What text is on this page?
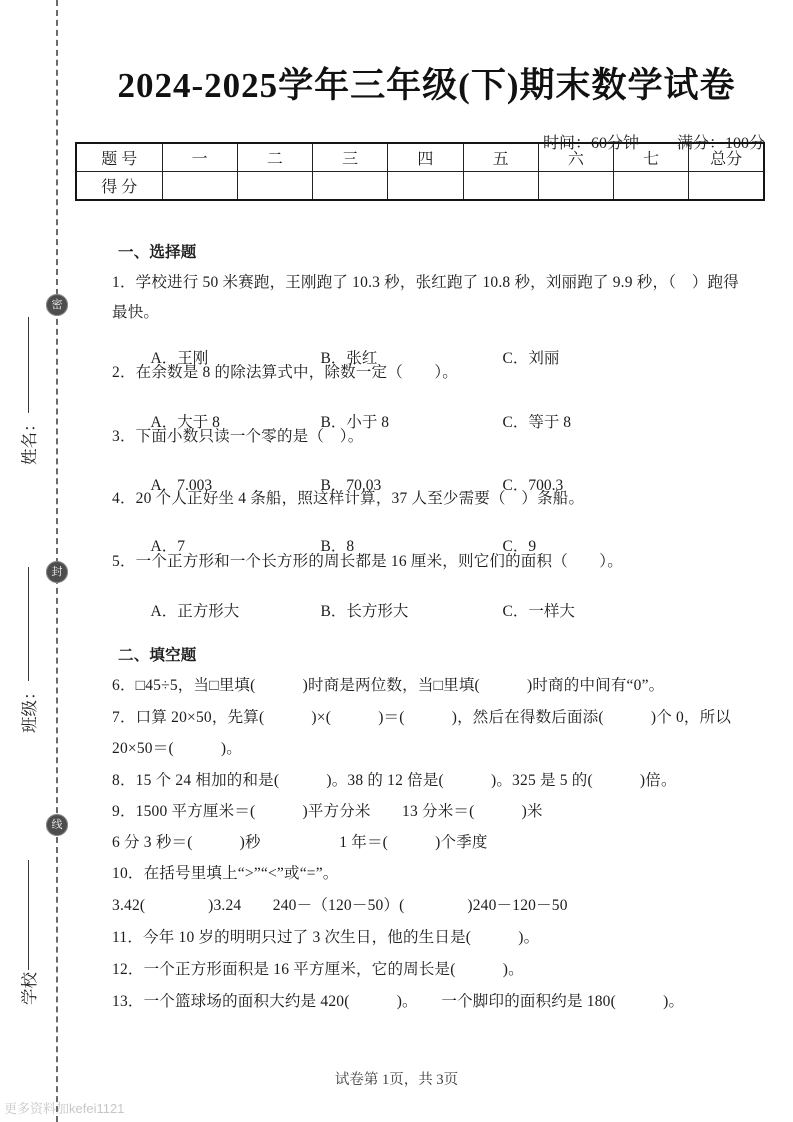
密
封
线
姓名：
班级：
学校
2024-2025学年三年级(下)期末数学试卷

时间：60分钟 满分：100分

题 号	一	二	三	四	五	六	七	总分
得 分								
一、选择题
1．学校进行 50 米赛跑，王刚跑了 10.3 秒，张红跑了 10.8 秒，刘丽跑了 9.9 秒，（　）跑得
最快。

A．王刚	B．张红	C．刘丽

2．在余数是 8 的除法算式中，除数一定（　　）。

A．大于 8	B．小于 8	C．等于 8

3．下面小数只读一个零的是（　）。

A．7.003	B．70.03	C．700.3

4．20 个人正好坐 4 条船，照这样计算，37 人至少需要（　）条船。

A．7	B．8	C．9

5．一个正方形和一个长方形的周长都是 16 厘米，则它们的面积（　　）。

A．正方形大	B．长方形大	C．一样大

二、填空题
6．□45÷5，当□里填(　　　)时商是两位数，当□里填(　　　)时商的中间有“0”。
7．口算 20×50，先算(　　　)×(　　　)＝(　　　)，然后在得数后面添(　　　)个 0，所以
20×50＝(　　　)。
8．15 个 24 相加的和是(　　　)。38 的 12 倍是(　　　)。325 是 5 的(　　　)倍。
9．1500 平方厘米＝(　　　)平方分米　　13 分米＝(　　　)米
6 分 3 秒＝(　　　)秒　　　　　1 年＝(　　　)个季度
10．在括号里填上“>”“<”或“=”。
3.42(　　　　)3.24　　240－（120－50）(　　　　)240－120－50
11．今年 10 岁的明明只过了 3 次生日，他的生日是(　　　)。
12．一个正方形面积是 16 平方厘米，它的周长是(　　　)。
13．一个篮球场的面积大约是 420(　　　)。　　一个脚印的面积约是 180(　　　)。
试卷第 1页，共 3页
更多资料加kefei1121
